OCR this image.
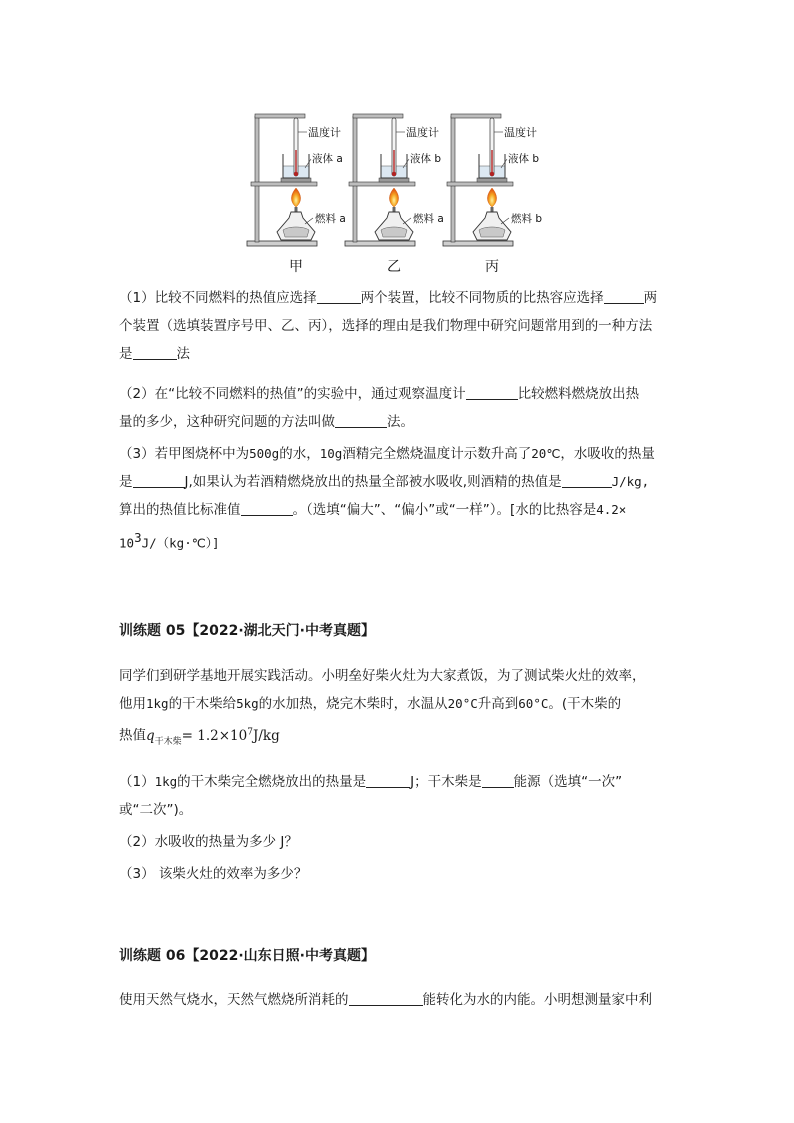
温度计
液体 a
燃料 a
甲
温度计
液体 b
燃料 a
乙
温度计
液体 b
燃料 b
丙

（1）比较不同燃料的热值应选择	两个装置，比较不同物质的比热容应选择	两
个装置（选填装置序号甲、乙、丙），选择的理由是我们物理中研究问题常用到的一种方法
是	法

（2）在“比较不同燃料的热值”的实验中，通过观察温度计	比较燃料燃烧放出热
量的多少，这种研究问题的方法叫做	法。

（3）若甲图烧杯中为500g的水，10g酒精完全燃烧温度计示数升高了20℃，水吸收的热量
是	J,如果认为若酒精燃烧放出的热量全部被水吸收,则酒精的热值是	J/kg,
算出的热值比标准值	。（选填“偏大”、“偏小”或“一样”）。[水的比热容是4.2×
$10^3J/(kg\cdot℃)$]

训练题 05【2022·湖北天门·中考真题】

同学们到研学基地开展实践活动。小明垒好柴火灶为大家煮饭，为了测试柴火灶的效率，
他用1kg的干木柴给5kg的水加热，烧完木柴时，水温从20°C升高到60°C。(干木柴的
热值$q_{干木柴}= 1.2\times 10^7J/kg$

（1）1kg的干木柴完全燃烧放出的热量是	J；干木柴是 能源（选填“一次”
或“二次”)。

（2）水吸收的热量为多少 J？

（3） 该柴火灶的效率为多少？

训练题 06【2022·山东日照·中考真题】

使用天然气烧水，天然气燃烧所消耗的	能转化为水的内能。小明想测量家中利
